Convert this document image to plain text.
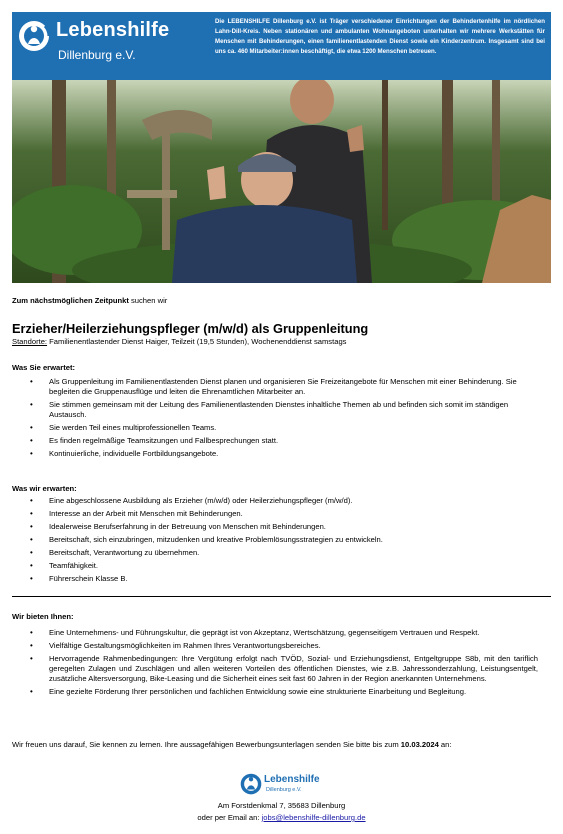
Lebenshilfe
Dillenburg e.V.

Die LEBENSHILFE Dillenburg e.V. ist Träger verschiedener Einrichtungen der Behindertenhilfe im nördlichen Lahn-Dill-Kreis. Neben stationären und ambulanten Wohnangeboten unterhalten wir mehrere Werkstätten für Menschen mit Behinderungen, einen familienentlastenden Dienst sowie ein Kinderzentrum. Insgesamt sind bei uns ca. 460 Mitarbeiter:innen beschäftigt, die etwa 1200 Menschen betreuen.

Zum nächstmöglichen Zeitpunkt suchen wir

Erzieher/Heilerziehungspfleger (m/w/d) als Gruppenleitung

Standorte: Familienentlastender Dienst Haiger, Teilzeit (19,5 Stunden), Wochenenddienst samstags

Was Sie erwartet:

• Als Gruppenleitung im Familienentlastenden Dienst planen und organisieren Sie Freizeitangebote für Menschen mit einer Behinderung. Sie begleiten die Gruppenausflüge und leiten die Ehrenamtlichen Mitarbeiter an.
• Sie stimmen gemeinsam mit der Leitung des Familienentlastenden Dienstes inhaltliche Themen ab und befinden sich somit im ständigen Austausch.
• Sie werden Teil eines multiprofessionellen Teams.
• Es finden regelmäßige Teamsitzungen und Fallbesprechungen statt.
• Kontinuierliche, individuelle Fortbildungsangebote.

Was wir erwarten:

• Eine abgeschlossene Ausbildung als Erzieher (m/w/d) oder Heilerziehungspfleger (m/w/d).
• Interesse an der Arbeit mit Menschen mit Behinderungen.
• Idealerweise Berufserfahrung in der Betreuung von Menschen mit Behinderungen.
• Bereitschaft, sich einzubringen, mitzudenken und kreative Problemlösungsstrategien zu entwickeln.
• Bereitschaft, Verantwortung zu übernehmen.
• Teamfähigkeit.
• Führerschein Klasse B.

Wir bieten Ihnen:

• Eine Unternehmens- und Führungskultur, die geprägt ist von Akzeptanz, Wertschätzung, gegenseitigem Vertrauen und Respekt.
• Vielfältige Gestaltungsmöglichkeiten im Rahmen Ihres Verantwortungsbereiches.
• Hervorragende Rahmenbedingungen: Ihre Vergütung erfolgt nach TVÖD, Sozial- und Erziehungsdienst, Entgeltgruppe S8b, mit den tariflich geregelten Zulagen und Zuschlägen und allen weiteren Vorteilen des öffentlichen Dienstes, wie z.B. Jahressonderzahlung, Leistungsentgelt, zusätzliche Altersversorgung, Bike-Leasing und die Sicherheit eines seit fast 60 Jahren in der Region anerkannten Unternehmens.
• Eine gezielte Förderung Ihrer persönlichen und fachlichen Entwicklung sowie eine strukturierte Einarbeitung und Begleitung.

Wir freuen uns darauf, Sie kennen zu lernen. Ihre aussagefähigen Bewerbungsunterlagen senden Sie bitte bis zum 10.03.2024 an:

Lebenshilfe
Dillenburg e.V.

Am Forstdenkmal 7, 35683 Dillenburg

oder per Email an: jobs@lebenshilfe-dillenburg.de
